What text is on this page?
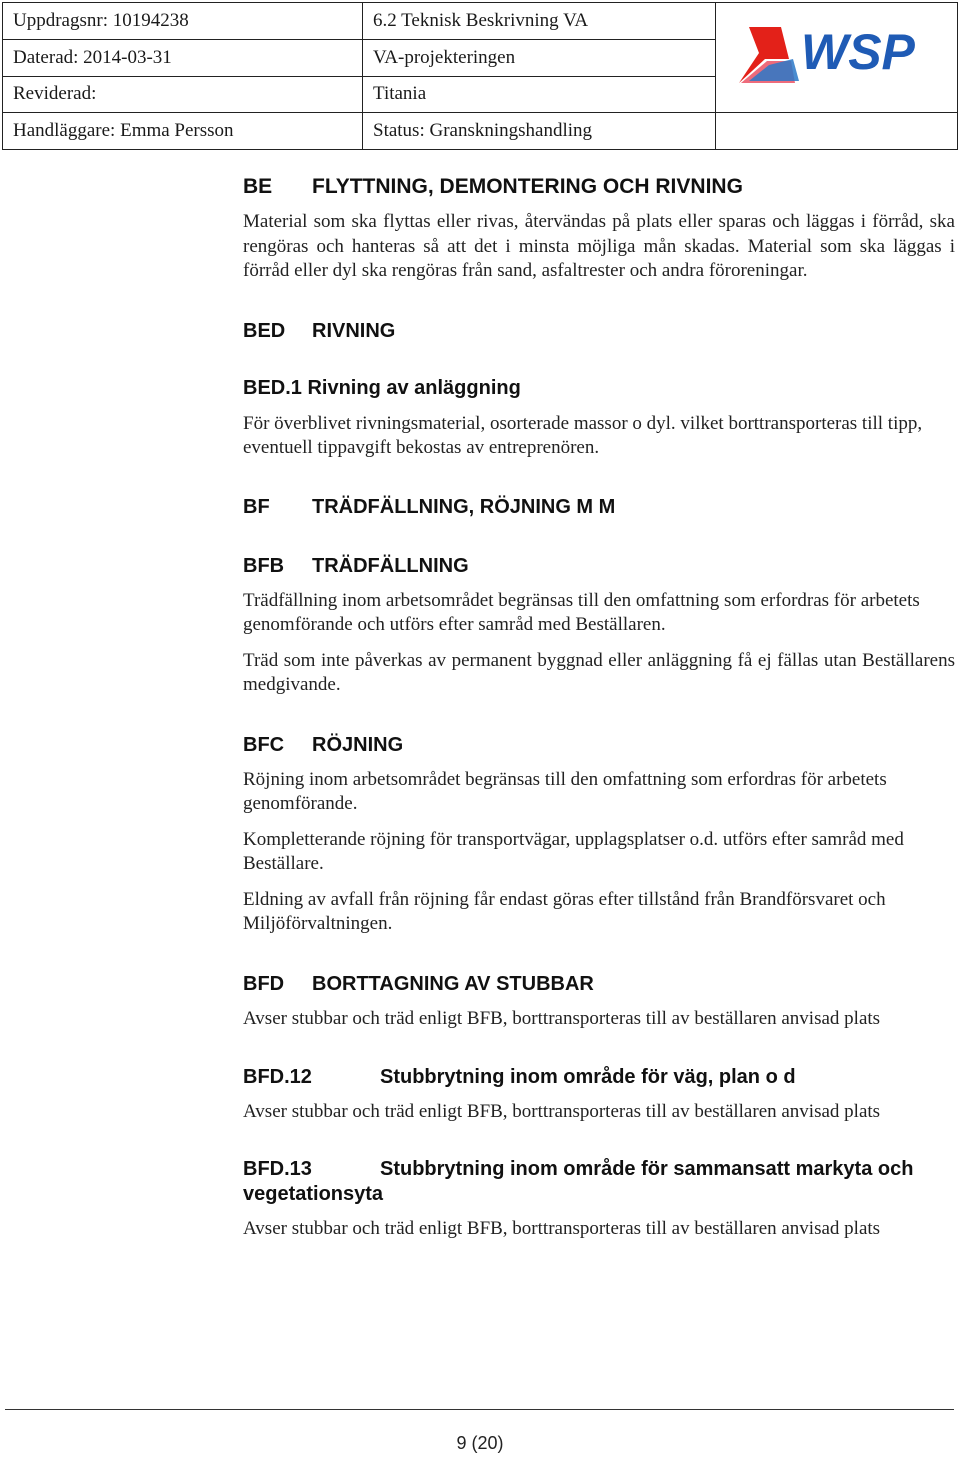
Uppdragsnr: 10194238	6.2 Teknisk Beskrivning VA	WSP

Daterad: 2014-03-31	VA-projekteringen	
Reviderad:	Titania	
Handläggare: Emma Persson	Status: Granskningshandling	
BE	FLYTTNING, DEMONTERING OCH RIVNING

Material som ska flyttas eller rivas, återvändas på plats eller sparas och läggas i förråd, ska rengöras och hanteras så att det i minsta möjliga mån skadas. Material som ska läggas i förråd eller dyl ska rengöras från sand, asfaltrester och andra föroreningar.

BED	RIVNING
BED.1 Rivning av anläggning

För överblivet rivningsmaterial, osorterade massor o dyl. vilket borttransporteras till tipp, eventuell tippavgift bekostas av entreprenören.

BF	TRÄDFÄLLNING, RÖJNING M M
BFB	TRÄDFÄLLNING

Trädfällning inom arbetsområdet begränsas till den omfattning som erfordras för arbetets genomförande och utförs efter samråd med Beställaren.

Träd som inte påverkas av permanent byggnad eller anläggning få ej fällas utan Beställarens medgivande.

BFC	RÖJNING

Röjning inom arbetsområdet begränsas till den omfattning som erfordras för arbetets genomförande.

Kompletterande röjning för transportvägar, upplagsplatser o.d. utförs efter samråd med Beställare.

Eldning av avfall från röjning får endast göras efter tillstånd från Brandförsvaret och Miljöförvaltningen.

BFD	BORTTAGNING AV STUBBAR

Avser stubbar och träd enligt BFB, borttransporteras till av beställaren anvisad plats

BFD.12	Stubbrytning inom område för väg, plan o d

Avser stubbar och träd enligt BFB, borttransporteras till av beställaren anvisad plats

BFD.13	Stubbrytning inom område för sammansatt markyta och vegetationsyta

Avser stubbar och träd enligt BFB, borttransporteras till av beställaren anvisad plats

9 (20)
